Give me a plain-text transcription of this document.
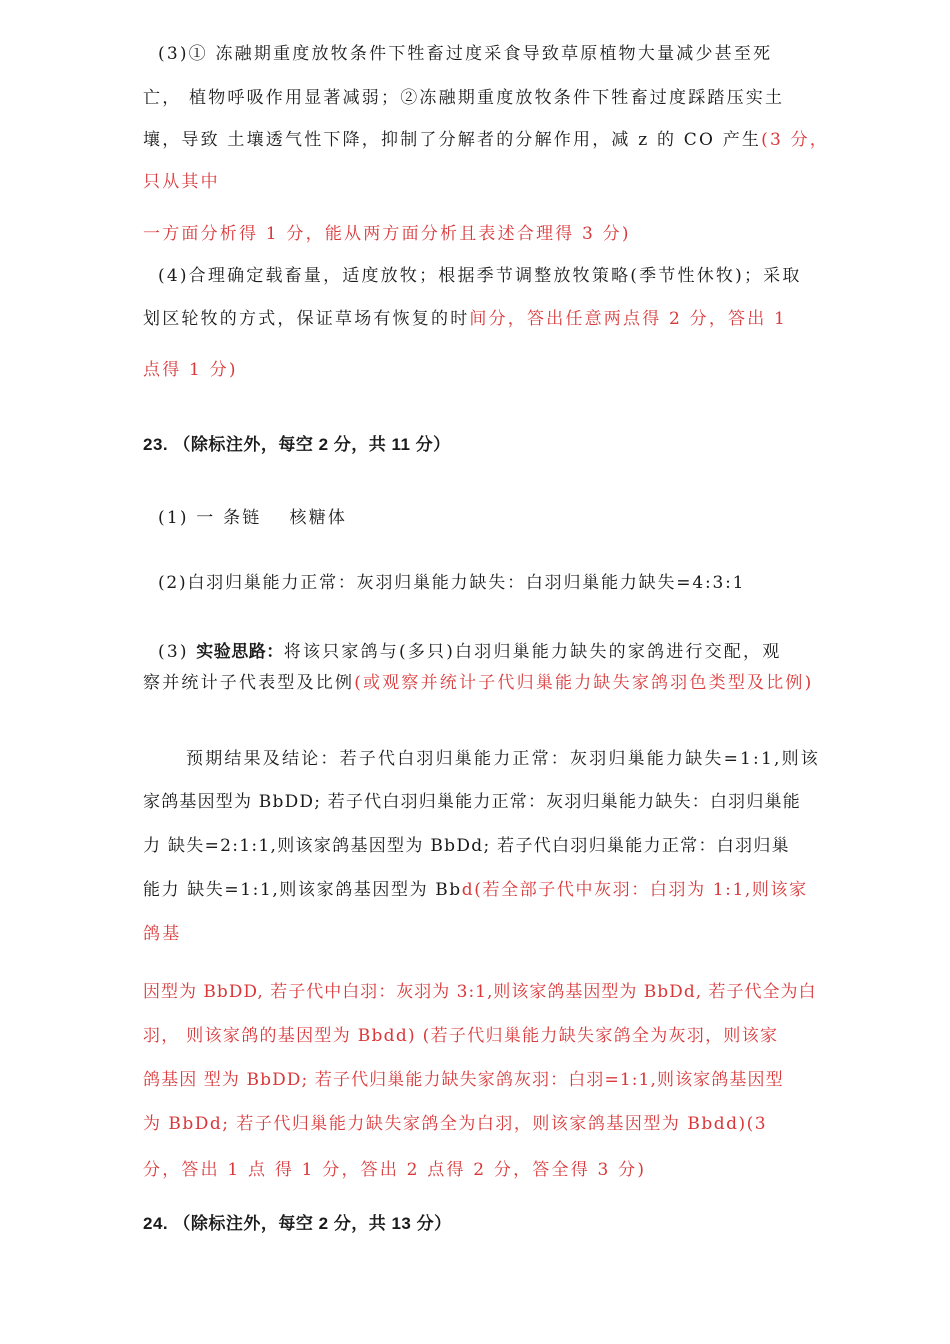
(3)① 冻融期重度放牧条件下牲畜过度采食导致草原植物大量减少甚至死
亡， 植物呼吸作用显著减弱；②冻融期重度放牧条件下牲畜过度踩踏压实土
壤，导致 土壤透气性下降，抑制了分解者的分解作用，减 z 的 CO 产生(3 分，
只从其中
一方面分析得 1 分，能从两方面分析且表述合理得 3 分)
(4)合理确定载畜量，适度放牧；根据季节调整放牧策略(季节性休牧)；采取
划区轮牧的方式，保证草场有恢复的时间分，答出任意两点得 2 分，答出 1
点得 1 分)
23. （除标注外，每空 2 分，共 11 分）
(1) 一 条链 核糖体
(2)白羽归巢能力正常：灰羽归巢能力缺失：白羽归巢能力缺失=4:3:1
(3) 实验思路：将该只家鸽与(多只)白羽归巢能力缺失的家鸽进行交配，观
察并统计子代表型及比例(或观察并统计子代归巢能力缺失家鸽羽色类型及比例)
预期结果及结论：若子代白羽归巢能力正常：灰羽归巢能力缺失=1:1,则该
家鸽基因型为 BbDD; 若子代白羽归巢能力正常：灰羽归巢能力缺失：白羽归巢能
力 缺失=2:1:1,则该家鸽基因型为 BbDd; 若子代白羽归巢能力正常：白羽归巢
能力 缺失=1:1,则该家鸽基因型为 Bbd(若全部子代中灰羽：白羽为 1:1,则该家
鸽基
因型为 BbDD, 若子代中白羽：灰羽为 3:1,则该家鸽基因型为 BbDd, 若子代全为白
羽， 则该家鸽的基因型为 Bbdd) (若子代归巢能力缺失家鸽全为灰羽，则该家
鸽基因 型为 BbDD; 若子代归巢能力缺失家鸽灰羽：白羽=1:1,则该家鸽基因型
为 BbDd; 若子代归巢能力缺失家鸽全为白羽，则该家鸽基因型为 Bbdd)(3
分，答出 1 点 得 1 分，答出 2 点得 2 分，答全得 3 分)
24. （除标注外，每空 2 分，共 13 分）
